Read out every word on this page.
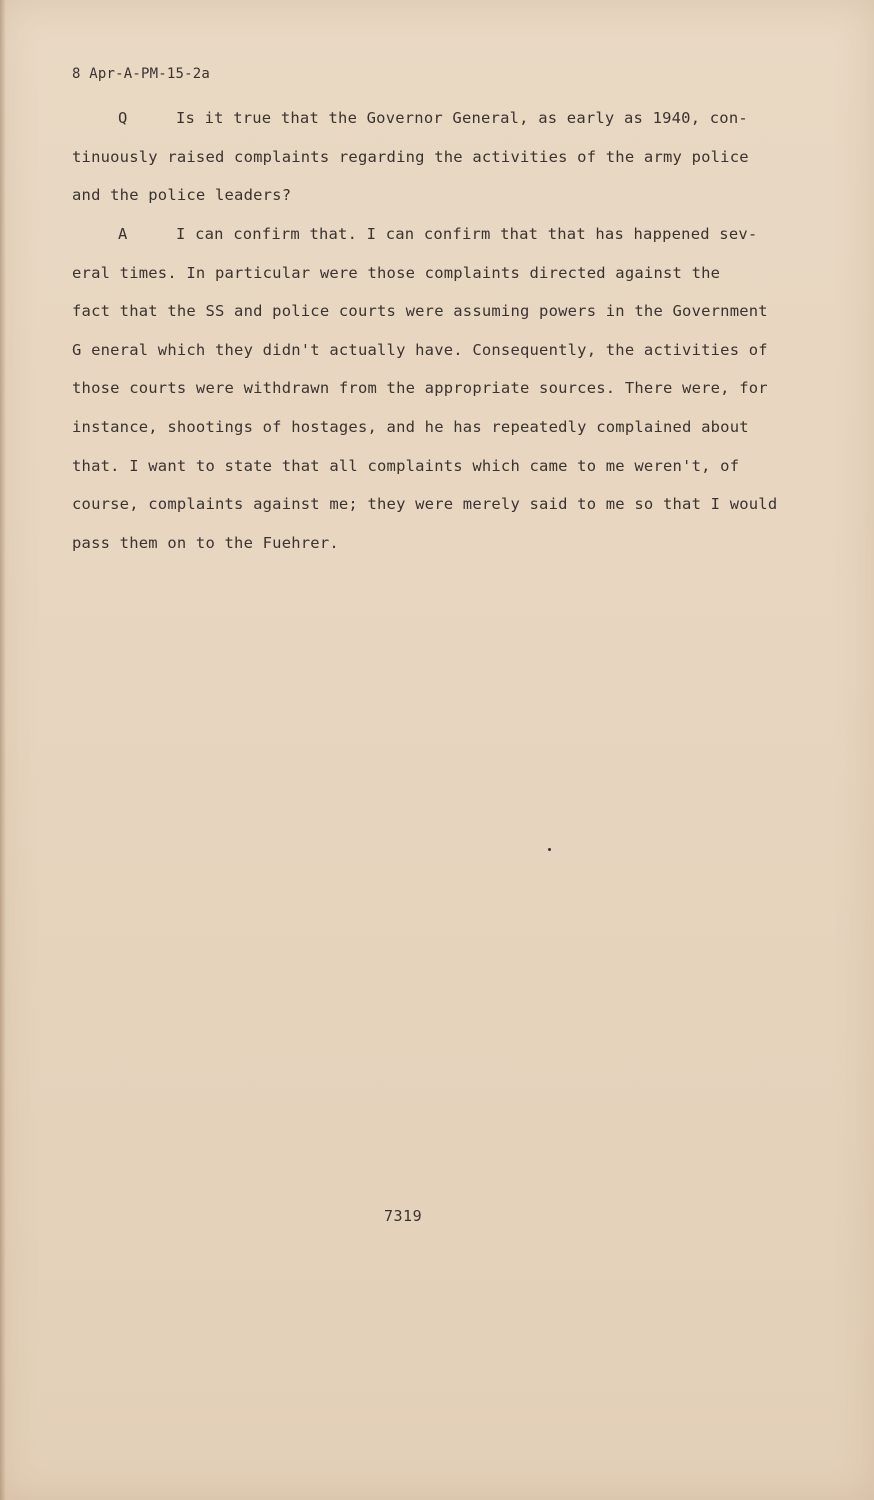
8 Apr-A-PM-15-2a
Q	Is it true that the Governor General, as early as 1940, con-
tinuously raised complaints regarding the activities of the army police
and the police leaders?
A	I can confirm that. I can confirm that that has happened sev-
eral times. In particular were those complaints directed against the
fact that the SS and police courts were assuming powers in the Government
G eneral which they didn't actually have. Consequently, the activities of
those courts were withdrawn from the appropriate sources. There were, for
instance, shootings of hostages, and he has repeatedly complained about
that. I want to state that all complaints which came to me weren't, of
course, complaints against me; they were merely said to me so that I would
pass them on to the Fuehrer.
7319
